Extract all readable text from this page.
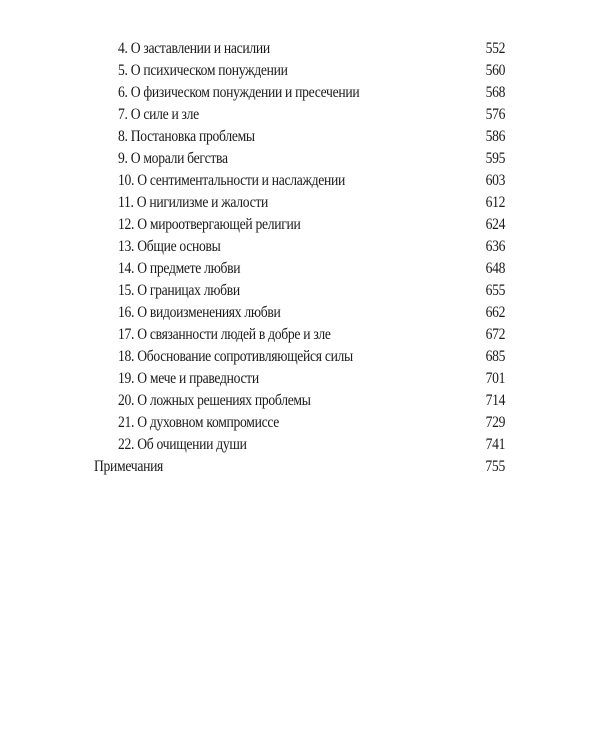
4. О заставлении и насилии	552
5. О психическом понуждении	560
6. О физическом понуждении и пресечении	568
7. О силе и зле	576
8. Постановка проблемы	586
9. О морали бегства	595
10. О сентиментальности и наслаждении	603
11. О нигилизме и жалости	612
12. О мироотвергающей религии	624
13. Общие основы	636
14. О предмете любви	648
15. О границах любви	655
16. О видоизменениях любви	662
17. О связанности людей в добре и зле	672
18. Обоснование сопротивляющейся силы	685
19. О мече и праведности	701
20. О ложных решениях проблемы	714
21. О духовном компромиссе	729
22. Об очищении души	741
Примечания	755
